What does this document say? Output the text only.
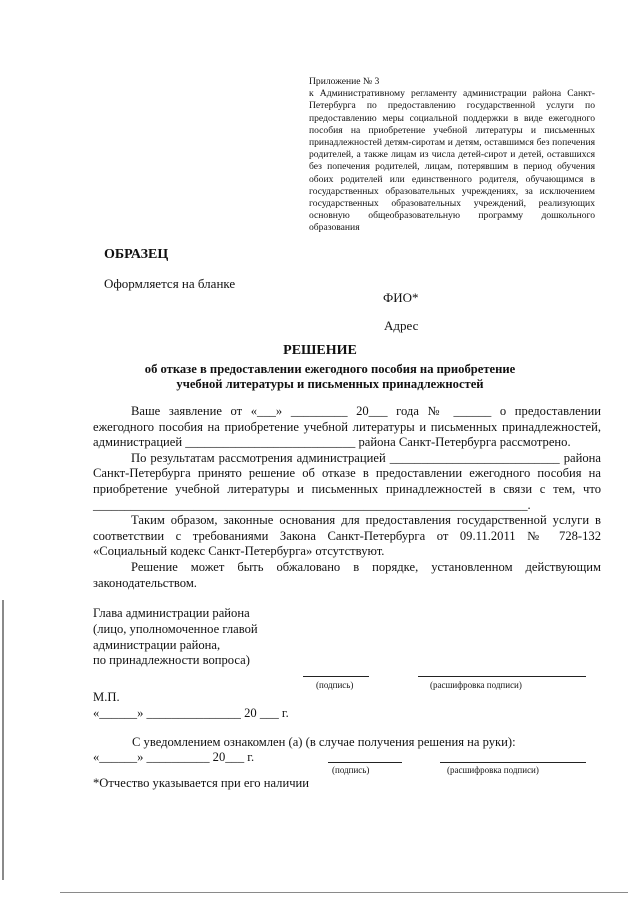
Приложение № 3
к Административному регламенту администрации района Санкт-Петербурга по предоставлению государственной услуги по предоставлению меры социальной поддержки в виде ежегодного пособия на приобретение учебной литературы и письменных принадлежностей детям-сиротам и детям, оставшимся без попечения родителей, а также лицам из числа детей-сирот и детей, оставшихся без попечения родителей, лицам, потерявшим в период обучения обоих родителей или единственного родителя, обучающимся в государственных образовательных учреждениях, за исключением государственных образовательных учреждений, реализующих основную общеобразовательную программу дошкольного образования
ОБРАЗЕЦ
Оформляется на бланке
ФИО*
Адрес
РЕШЕНИЕ
об отказе в предоставлении ежегодного пособия на приобретение
учебной литературы и письменных принадлежностей

Ваше заявление от «___» _________ 20___ года № ______ о предоставлении ежегодного пособия на приобретение учебной литературы и письменных принадлежностей, администрацией ___________________________ района Санкт-Петербурга рассмотрено.

По результатам рассмотрения администрацией ___________________________ района Санкт-Петербурга принято решение об отказе в предоставлении ежегодного пособия на приобретение учебной литературы и письменных принадлежностей в связи с тем, что _____________________________________________________________________.

Таким образом, законные основания для предоставления государственной услуги в соответствии с требованиями Закона Санкт-Петербурга от 09.11.2011 № 728-132 «Социальный кодекс Санкт-Петербурга» отсутствуют.

Решение может быть обжаловано в порядке, установленном действующим законодательством.

Глава администрации района
(лицо, уполномоченное главой
администрации района,
по принадлежности вопроса)
(подпись)	(расшифровка подписи)
М.П.
«______» _______________ 20 ___ г.
С уведомлением ознакомлен (а) (в случае получения решения на руки):
«______» __________ 20___ г.
(подпись)	(расшифровка подписи)
*Отчество указывается при его наличии
